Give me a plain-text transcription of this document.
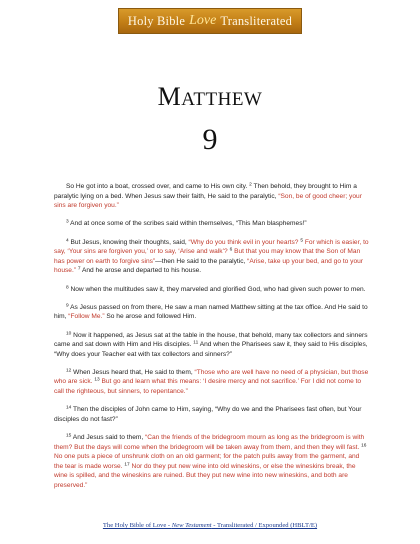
Holy Bible Love Transliterated
MATTHEW
9

So He got into a boat, crossed over, and came to His own city. $^2$ Then behold, they brought to Him a paralytic lying on a bed. When Jesus saw their faith, He said to the paralytic, “Son, be of good cheer; your sins are forgiven you.”

$^3$ And at once some of the scribes said within themselves, “This Man blasphemes!”

$^4$ But Jesus, knowing their thoughts, said, “Why do you think evil in your hearts? $^5$ For which is easier, to say, ‘Your sins are forgiven you,’ or to say, ‘Arise and walk’? $^6$ But that you may know that the Son of Man has power on earth to forgive sins”—then He said to the paralytic, “Arise, take up your bed, and go to your house.” $^7$ And he arose and departed to his house.

$^8$ Now when the multitudes saw it, they marveled and glorified God, who had given such power to men.

$^9$ As Jesus passed on from there, He saw a man named Matthew sitting at the tax office. And He said to him, “Follow Me.” So he arose and followed Him.

$^{10}$ Now it happened, as Jesus sat at the table in the house, that behold, many tax collectors and sinners came and sat down with Him and His disciples. $^{11}$ And when the Pharisees saw it, they said to His disciples, “Why does your Teacher eat with tax collectors and sinners?”

$^{12}$ When Jesus heard that, He said to them, “Those who are well have no need of a physician, but those who are sick. $^{13}$ But go and learn what this means: ‘I desire mercy and not sacrifice.’ For I did not come to call the righteous, but sinners, to repentance.”

$^{14}$ Then the disciples of John came to Him, saying, “Why do we and the Pharisees fast often, but Your disciples do not fast?”

$^{15}$ And Jesus said to them, “Can the friends of the bridegroom mourn as long as the bridegroom is with them? But the days will come when the bridegroom will be taken away from them, and then they will fast. $^{16}$ No one puts a piece of unshrunk cloth on an old garment; for the patch pulls away from the garment, and the tear is made worse. $^{17}$ Nor do they put new wine into old wineskins, or else the wineskins break, the wine is spilled, and the wineskins are ruined. But they put new wine into new wineskins, and both are preserved.”

The Holy Bible of Love - New Testament - Transliterated / Expounded (HBLT/E)
